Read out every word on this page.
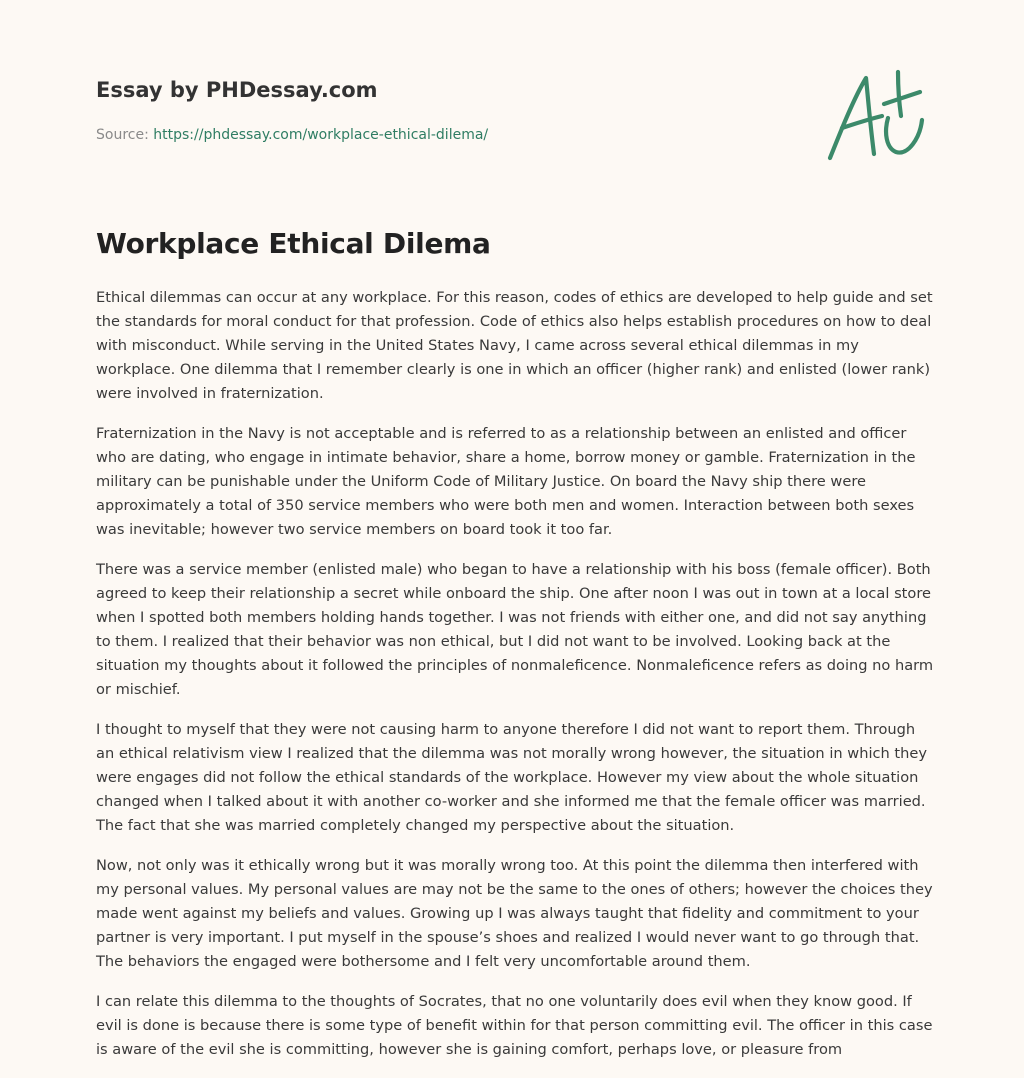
Essay by PHDessay.com
Source: https://phdessay.com/workplace-ethical-dilema/
Workplace Ethical Dilema

Ethical dilemmas can occur at any workplace. For this reason, codes of ethics are developed to help guide and set the standards for moral conduct for that profession. Code of ethics also helps establish procedures on how to deal with misconduct. While serving in the United States Navy, I came across several ethical dilemmas in my workplace. One dilemma that I remember clearly is one in which an officer (higher rank) and enlisted (lower rank) were involved in fraternization.

Fraternization in the Navy is not acceptable and is referred to as a relationship between an enlisted and officer who are dating, who engage in intimate behavior, share a home, borrow money or gamble. Fraternization in the military can be punishable under the Uniform Code of Military Justice. On board the Navy ship there were approximately a total of 350 service members who were both men and women. Interaction between both sexes was inevitable; however two service members on board took it too far.

There was a service member (enlisted male) who began to have a relationship with his boss (female officer). Both agreed to keep their relationship a secret while onboard the ship. One after noon I was out in town at a local store when I spotted both members holding hands together. I was not friends with either one, and did not say anything to them. I realized that their behavior was non ethical, but I did not want to be involved. Looking back at the situation my thoughts about it followed the principles of nonmaleficence. Nonmaleficence refers as doing no harm or mischief.

I thought to myself that they were not causing harm to anyone therefore I did not want to report them. Through an ethical relativism view I realized that the dilemma was not morally wrong however, the situation in which they were engages did not follow the ethical standards of the workplace. However my view about the whole situation changed when I talked about it with another co-worker and she informed me that the female officer was married. The fact that she was married completely changed my perspective about the situation.

Now, not only was it ethically wrong but it was morally wrong too. At this point the dilemma then interfered with my personal values. My personal values are may not be the same to the ones of others; however the choices they made went against my beliefs and values. Growing up I was always taught that fidelity and commitment to your partner is very important. I put myself in the spouse’s shoes and realized I would never want to go through that. The behaviors the engaged were bothersome and I felt very uncomfortable around them.

I can relate this dilemma to the thoughts of Socrates, that no one voluntarily does evil when they know good. If evil is done is because there is some type of benefit within for that person committing evil. The officer in this case is aware of the evil she is committing, however she is gaining comfort, perhaps love, or pleasure from
